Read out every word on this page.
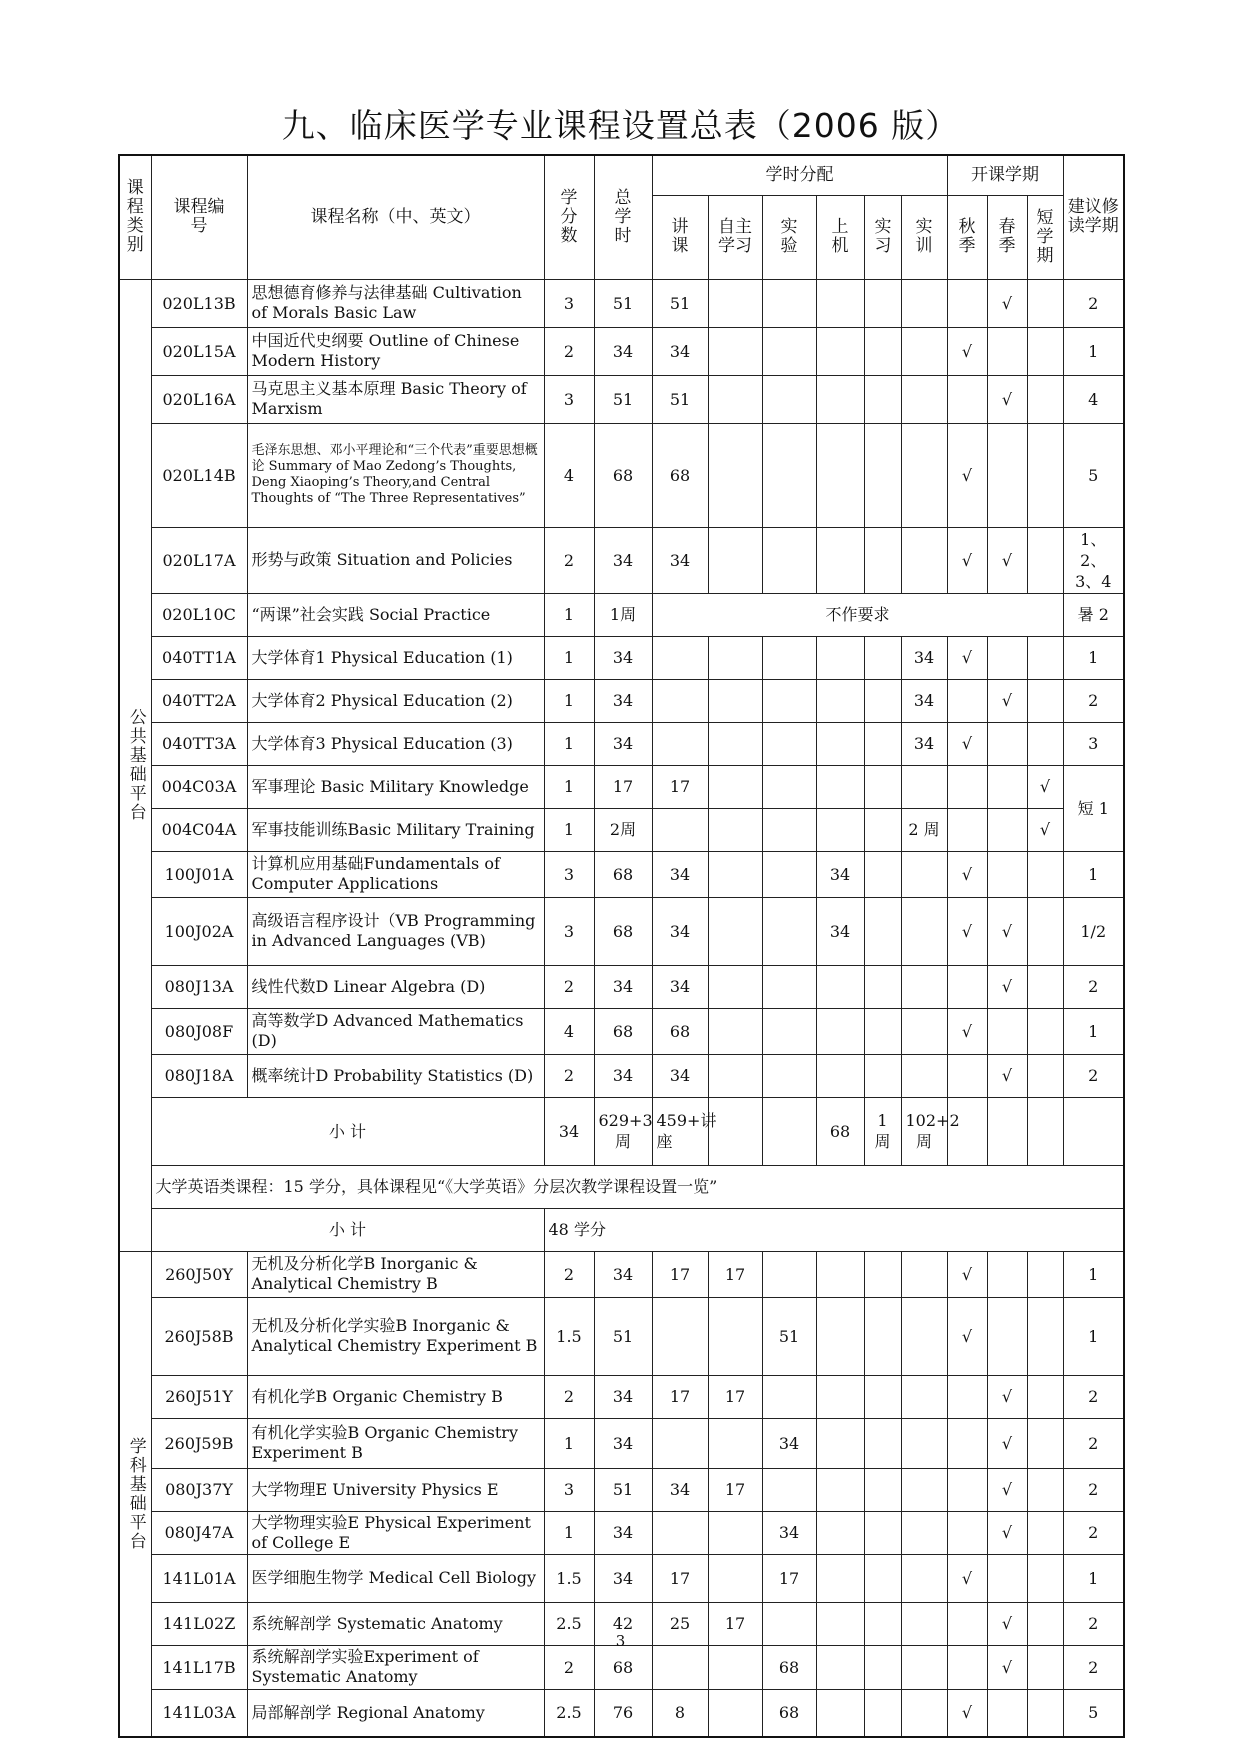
九、临床医学专业课程设置总表（2006 版）
课程类别	课程编号	课程名称（中、英文）	学分数	总学时	学时分配						开课学期			建议修读学期
					讲课	自主学习	实验	上机	实习	实训	秋季	春季	短学期	
公共基础平台	020L13B	思想德育修养与法律基础 Cultivation of Morals Basic Law	3	51	51							√		2
	020L15A	中国近代史纲要 Outline of Chinese Modern History	2	34	34						√			1
	020L16A	马克思主义基本原理 Basic Theory of Marxism	3	51	51							√		4
	020L14B	毛泽东思想、邓小平理论和“三个代表”重要思想概论 Summary of Mao Zedong’s Thoughts, Deng Xiaoping’s Theory,and Central Thoughts of “The Three Representatives”	4	68	68						√			5
	020L17A	形势与政策 Situation and Policies	2	34	34						√	√		1、2、3、4
	020L10C	“两课”社会实践 Social Practice	1	1周	不作要求									暑 2
	040TT1A	大学体育1 Physical Education (1)	1	34						34	√			1
	040TT2A	大学体育2 Physical Education (2)	1	34						34		√		2
	040TT3A	大学体育3 Physical Education (3)	1	34						34	√			3
	004C03A	军事理论 Basic Military Knowledge	1	17	17								√	短 1
	004C04A	军事技能训练Basic Military Training	1	2周						2 周			√	
	100J01A	计算机应用基础Fundamentals of Computer Applications	3	68	34			34			√			1
	100J02A	高级语言程序设计（VB Programming in Advanced Languages (VB)	3	68	34			34			√	√		1/2
	080J13A	线性代数D Linear Algebra (D)	2	34	34							√		2
	080J08F	高等数学D Advanced Mathematics (D)	4	68	68						√			1
	080J18A	概率统计D Probability Statistics (D)	2	34	34							√		2
	小 计		34	629+3周	459+讲座			68	1 周	102+2 周				
	大学英语类课程：15 学分，具体课程见“《大学英语》分层次教学课程设置一览”													
	小 计		48 学分											
学科基础平台	260J50Y	无机及分析化学B Inorganic & Analytical Chemistry B	2	34	17	17					√			1
	260J58B	无机及分析化学实验B Inorganic & Analytical Chemistry Experiment B	1.5	51			51				√			1
	260J51Y	有机化学B Organic Chemistry B	2	34	17	17						√		2
	260J59B	有机化学实验B Organic Chemistry Experiment B	1	34			34					√		2
	080J37Y	大学物理E University Physics E	3	51	34	17						√		2
	080J47A	大学物理实验E Physical Experiment of College E	1	34			34					√		2
	141L01A	医学细胞生物学 Medical Cell Biology	1.5	34	17		17				√			1
	141L02Z	系统解剖学 Systematic Anatomy	2.5	42	25	17						√		2
	141L17B	系统解剖学实验Experiment of Systematic Anatomy	2	68			68					√		2
	141L03A	局部解剖学 Regional Anatomy	2.5	76	8		68				√			5
3
